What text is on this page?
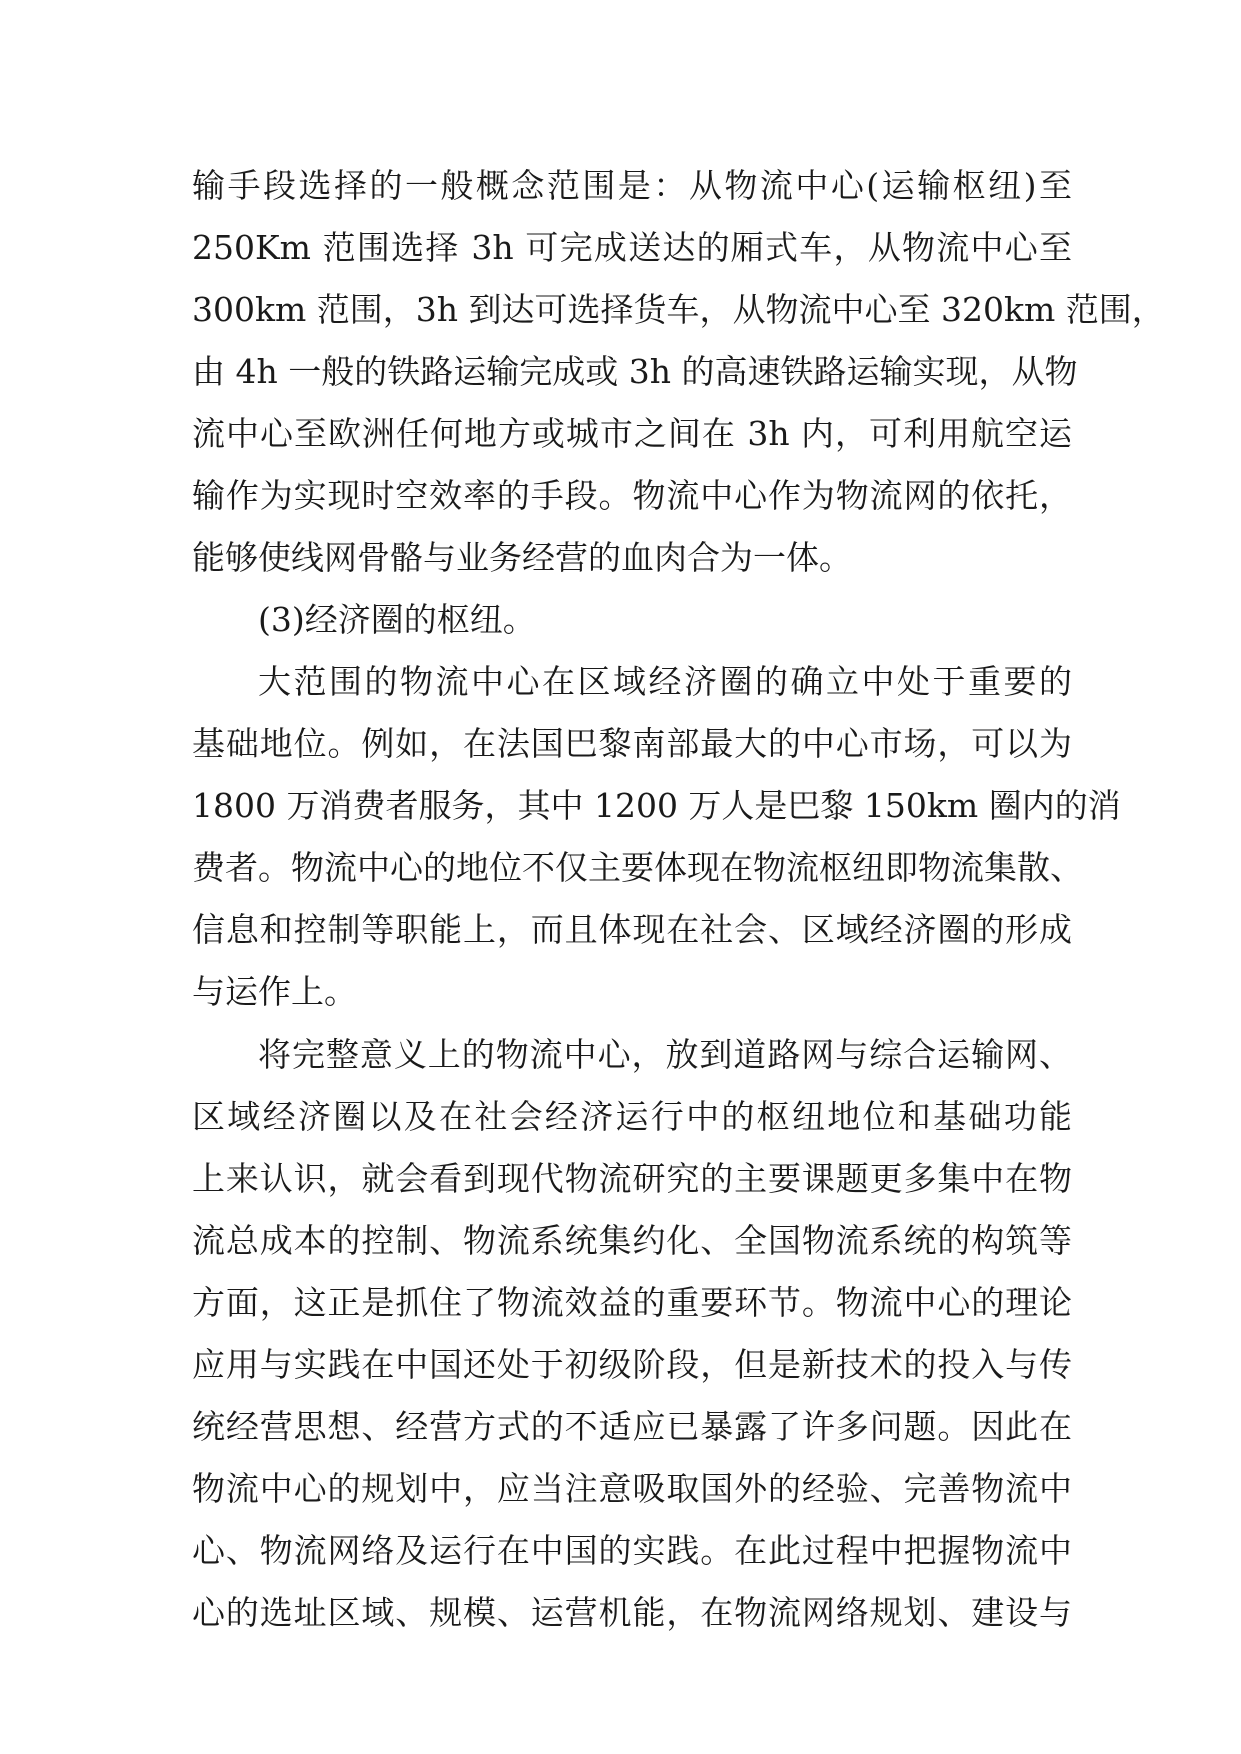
输手段选择的一般概念范围是：从物流中心(运输枢纽)至
250Km 范围选择 3h 可完成送达的厢式车，从物流中心至
300km 范围，3h 到达可选择货车，从物流中心至 320km 范围，
由 4h 一般的铁路运输完成或 3h 的高速铁路运输实现，从物
流中心至欧洲任何地方或城市之间在 3h 内，可利用航空运
输作为实现时空效率的手段。物流中心作为物流网的依托，
能够使线网骨骼与业务经营的血肉合为一体。
(3)经济圈的枢纽。
大范围的物流中心在区域经济圈的确立中处于重要的
基础地位。例如，在法国巴黎南部最大的中心市场，可以为
1800 万消费者服务，其中 1200 万人是巴黎 150km 圈内的消
费者。物流中心的地位不仅主要体现在物流枢纽即物流集散、
信息和控制等职能上，而且体现在社会、区域经济圈的形成
与运作上。
将完整意义上的物流中心，放到道路网与综合运输网、
区域经济圈以及在社会经济运行中的枢纽地位和基础功能
上来认识，就会看到现代物流研究的主要课题更多集中在物
流总成本的控制、物流系统集约化、全国物流系统的构筑等
方面，这正是抓住了物流效益的重要环节。物流中心的理论
应用与实践在中国还处于初级阶段，但是新技术的投入与传
统经营思想、经营方式的不适应已暴露了许多问题。因此在
物流中心的规划中，应当注意吸取国外的经验、完善物流中
心、物流网络及运行在中国的实践。在此过程中把握物流中
心的选址区域、规模、运营机能，在物流网络规划、建设与
